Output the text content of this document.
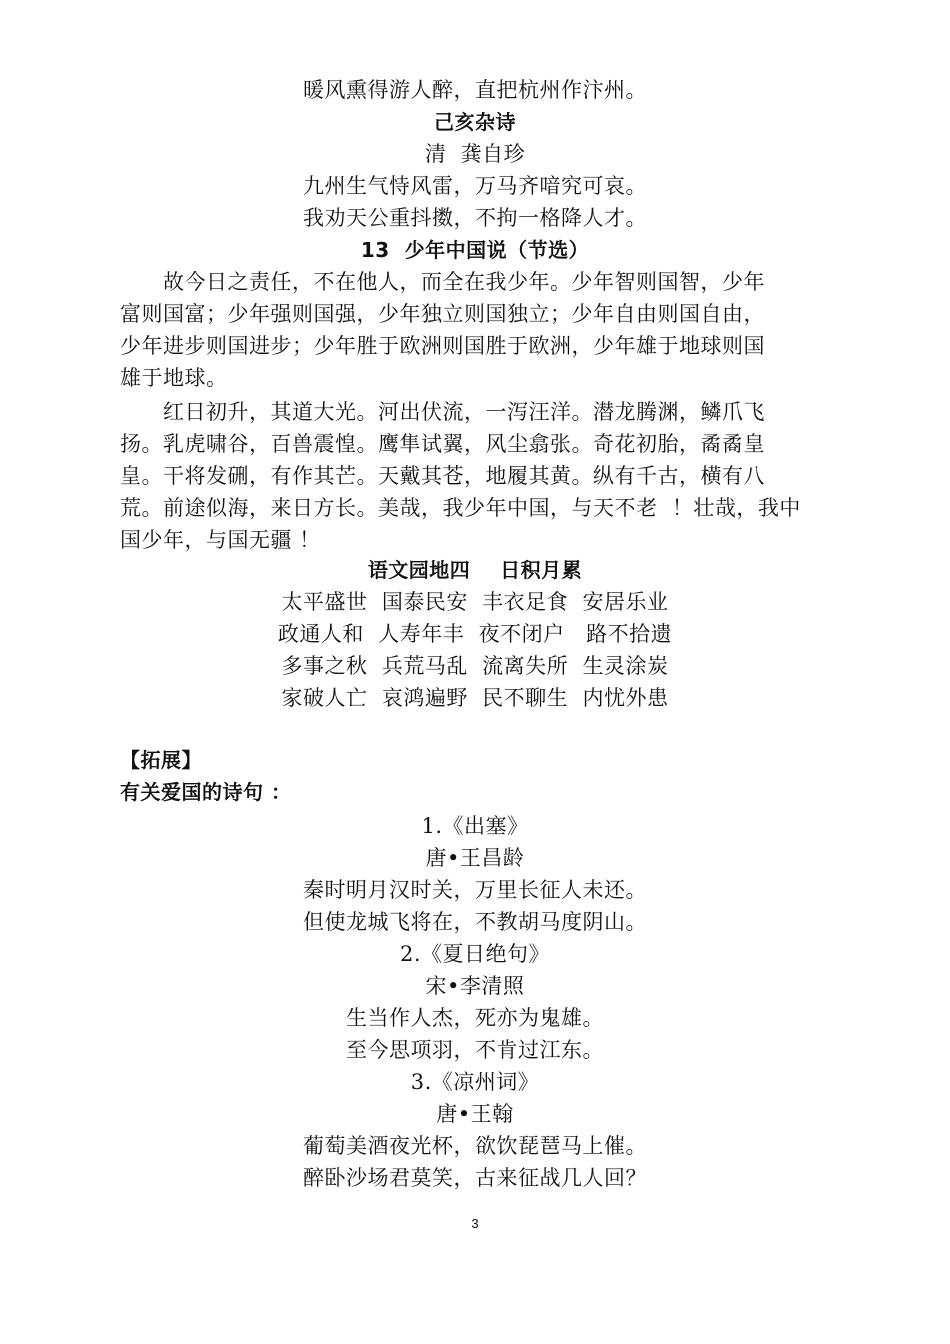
暖风熏得游人醉，直把杭州作汴州。
己亥杂诗
清  龚自珍
九州生气恃风雷，万马齐喑究可哀。
我劝天公重抖擞，不拘一格降人才。
13  少年中国说（节选）
　　故今日之责任，不在他人，而全在我少年。少年智则国智，少年
富则国富；少年强则国强，少年独立则国独立；少年自由则国自由，
少年进步则国进步；少年胜于欧洲则国胜于欧洲，少年雄于地球则国
雄于地球。
　　红日初升，其道大光。河出伏流，一泻汪洋。潜龙腾渊，鳞爪飞
扬。乳虎啸谷，百兽震惶。鹰隼试翼，风尘翕张。奇花初胎，矞矞皇
皇。干将发硎，有作其芒。天戴其苍，地履其黄。纵有千古，横有八
荒。前途似海，来日方长。美哉，我少年中国，与天不老  ！壮哉，我中
国少年，与国无疆 ！
语文园地四    日积月累
太平盛世  国泰民安  丰衣足食  安居乐业
政通人和  人寿年丰  夜不闭户   路不拾遗
多事之秋  兵荒马乱  流离失所  生灵涂炭
家破人亡  哀鸿遍野  民不聊生  内忧外患
【拓展】
有关爱国的诗句 ：
1.《出塞》
唐•王昌龄
秦时明月汉时关，万里长征人未还。
但使龙城飞将在，不教胡马度阴山。
2.《夏日绝句》
宋•李清照
生当作人杰，死亦为鬼雄。
至今思项羽，不肯过江东。
3.《凉州词》
唐•王翰
葡萄美酒夜光杯，欲饮琵琶马上催。
醉卧沙场君莫笑，古来征战几人回？
3
